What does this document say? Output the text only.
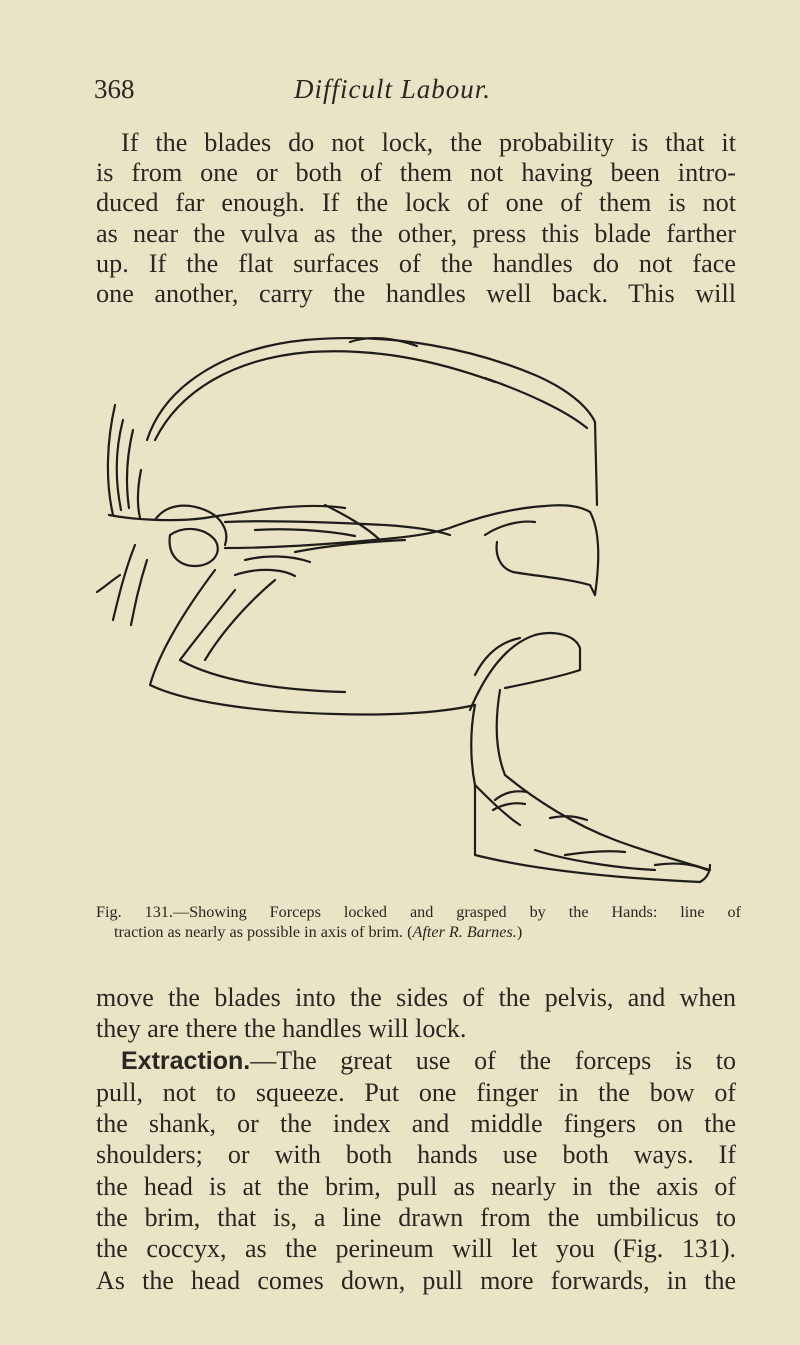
368	Difficult Labour.
If the blades do not lock, the probability is that it
is from one or both of them not having been intro-
duced far enough. If the lock of one of them is not
as near the vulva as the other, press this blade farther
up. If the flat surfaces of the handles do not face
one another, carry the handles well back. This will
Fig. 131.—Showing Forceps locked and grasped by the Hands: line of
traction as nearly as possible in axis of brim. (After R. Barnes.)
move the blades into the sides of the pelvis, and when
they are there the handles will lock.
Extraction.—The great use of the forceps is to
pull, not to squeeze. Put one finger in the bow of
the shank, or the index and middle fingers on the
shoulders; or with both hands use both ways. If
the head is at the brim, pull as nearly in the axis of
the brim, that is, a line drawn from the umbilicus to
the coccyx, as the perineum will let you (Fig. 131).
As the head comes down, pull more forwards, in the
